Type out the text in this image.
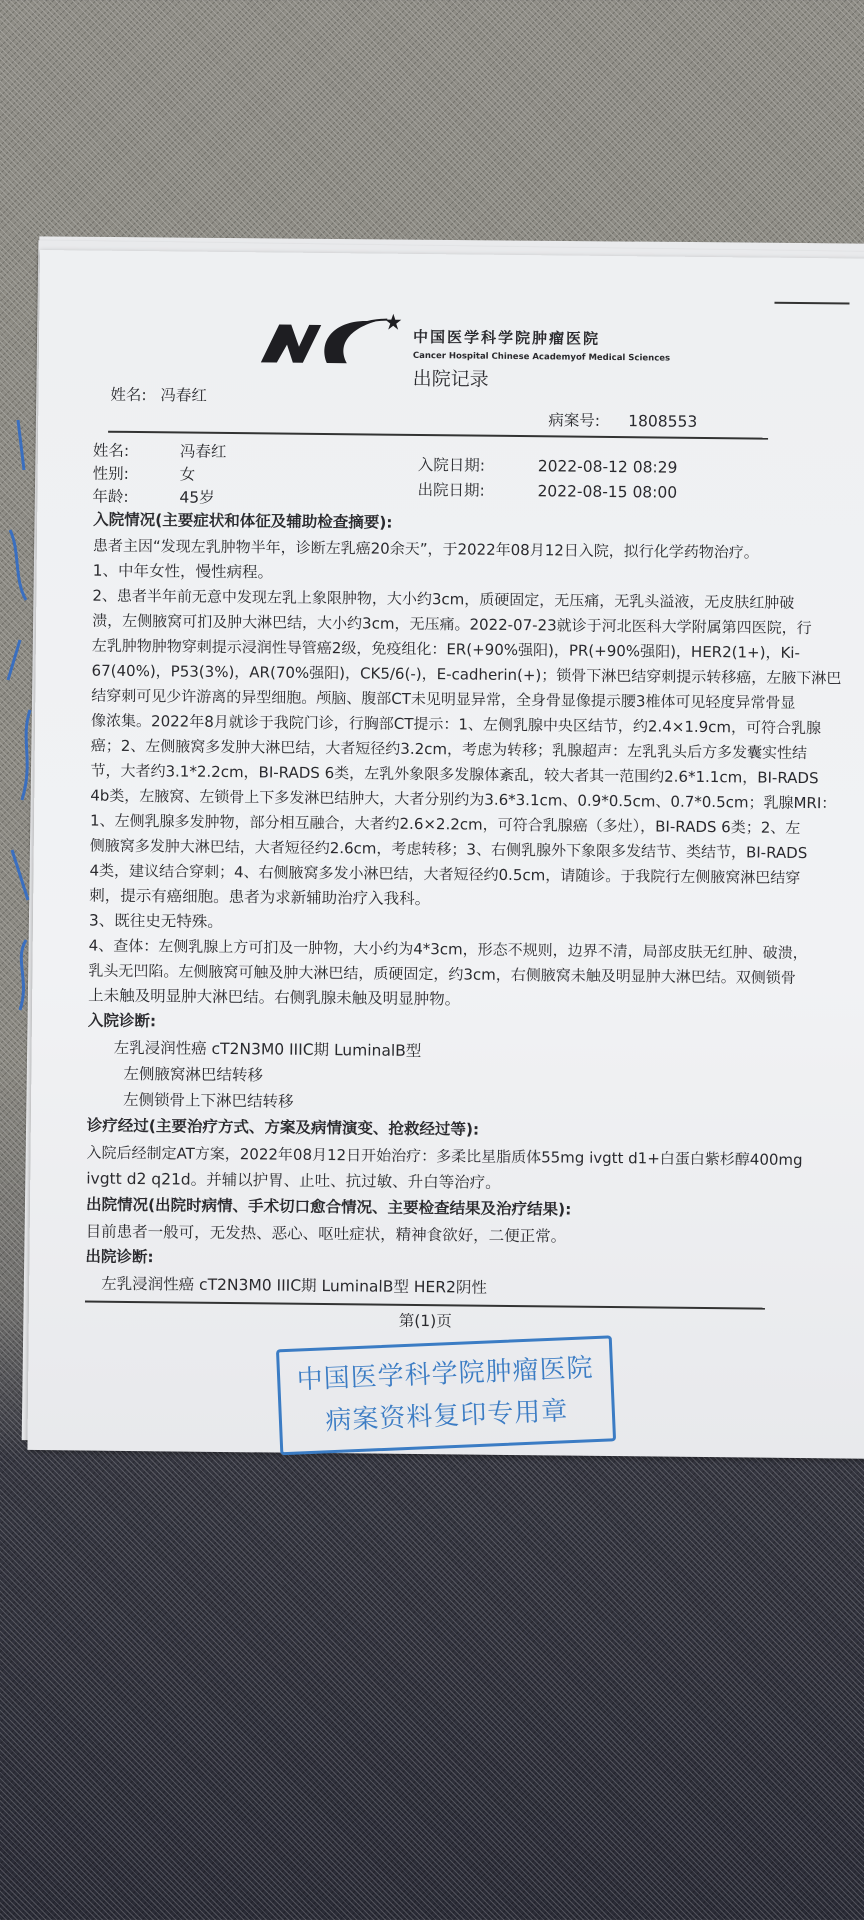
中国医学科学院肿瘤医院
Cancer Hospital Chinese Academyof Medical Sciences
出院记录
姓名: 冯春红
病案号: 1808553
姓名:	冯春红
性别:	女
年龄:	45岁
入院日期:	2022-08-12 08:29
出院日期:	2022-08-15 08:00
入院情况(主要症状和体征及辅助检查摘要):
患者主因“发现左乳肿物半年，诊断左乳癌20余天”，于2022年08月12日入院，拟行化学药物治疗。
1、中年女性，慢性病程。
2、患者半年前无意中发现左乳上象限肿物，大小约3cm，质硬固定，无压痛，无乳头溢液，无皮肤红肿破
溃，左侧腋窝可扪及肿大淋巴结，大小约3cm，无压痛。2022-07-23就诊于河北医科大学附属第四医院，行
左乳肿物肿物穿刺提示浸润性导管癌2级，免疫组化：ER(+90%强阳)，PR(+90%强阳)，HER2(1+)，Ki-
67(40%)，P53(3%)，AR(70%强阳)，CK5/6(-)，E-cadherin(+)；锁骨下淋巴结穿刺提示转移癌，左腋下淋巴
结穿刺可见少许游离的异型细胞。颅脑、腹部CT未见明显异常，全身骨显像提示腰3椎体可见轻度异常骨显
像浓集。2022年8月就诊于我院门诊，行胸部CT提示：1、左侧乳腺中央区结节，约2.4×1.9cm，可符合乳腺
癌；2、左侧腋窝多发肿大淋巴结，大者短径约3.2cm，考虑为转移；乳腺超声：左乳乳头后方多发囊实性结
节，大者约3.1*2.2cm，BI-RADS 6类，左乳外象限多发腺体紊乱，较大者其一范围约2.6*1.1cm，BI-RADS
4b类，左腋窝、左锁骨上下多发淋巴结肿大，大者分别约为3.6*3.1cm、0.9*0.5cm、0.7*0.5cm；乳腺MRI：
1、左侧乳腺多发肿物，部分相互融合，大者约2.6×2.2cm，可符合乳腺癌（多灶），BI-RADS 6类；2、左
侧腋窝多发肿大淋巴结，大者短径约2.6cm，考虑转移；3、右侧乳腺外下象限多发结节、类结节，BI-RADS
4类，建议结合穿刺；4、右侧腋窝多发小淋巴结，大者短径约0.5cm，请随诊。于我院行左侧腋窝淋巴结穿
刺，提示有癌细胞。患者为求新辅助治疗入我科。
3、既往史无特殊。
4、查体：左侧乳腺上方可扪及一肿物，大小约为4*3cm，形态不规则，边界不清，局部皮肤无红肿、破溃，
乳头无凹陷。左侧腋窝可触及肿大淋巴结，质硬固定，约3cm，右侧腋窝未触及明显肿大淋巴结。双侧锁骨
上未触及明显肿大淋巴结。右侧乳腺未触及明显肿物。
入院诊断:
左乳浸润性癌 cT2N3M0 IIIC期 LuminalB型
左侧腋窝淋巴结转移
左侧锁骨上下淋巴结转移
诊疗经过(主要治疗方式、方案及病情演变、抢救经过等):
入院后经制定AT方案，2022年08月12日开始治疗：多柔比星脂质体55mg ivgtt d1+白蛋白紫杉醇400mg
ivgtt d2 q21d。并辅以护胃、止吐、抗过敏、升白等治疗。
出院情况(出院时病情、手术切口愈合情况、主要检查结果及治疗结果):
目前患者一般可，无发热、恶心、呕吐症状，精神食欲好，二便正常。
出院诊断:
左乳浸润性癌 cT2N3M0 IIIC期 LuminalB型 HER2阴性
第(1)页
中国医学科学院肿瘤医院
病案资料复印专用章
